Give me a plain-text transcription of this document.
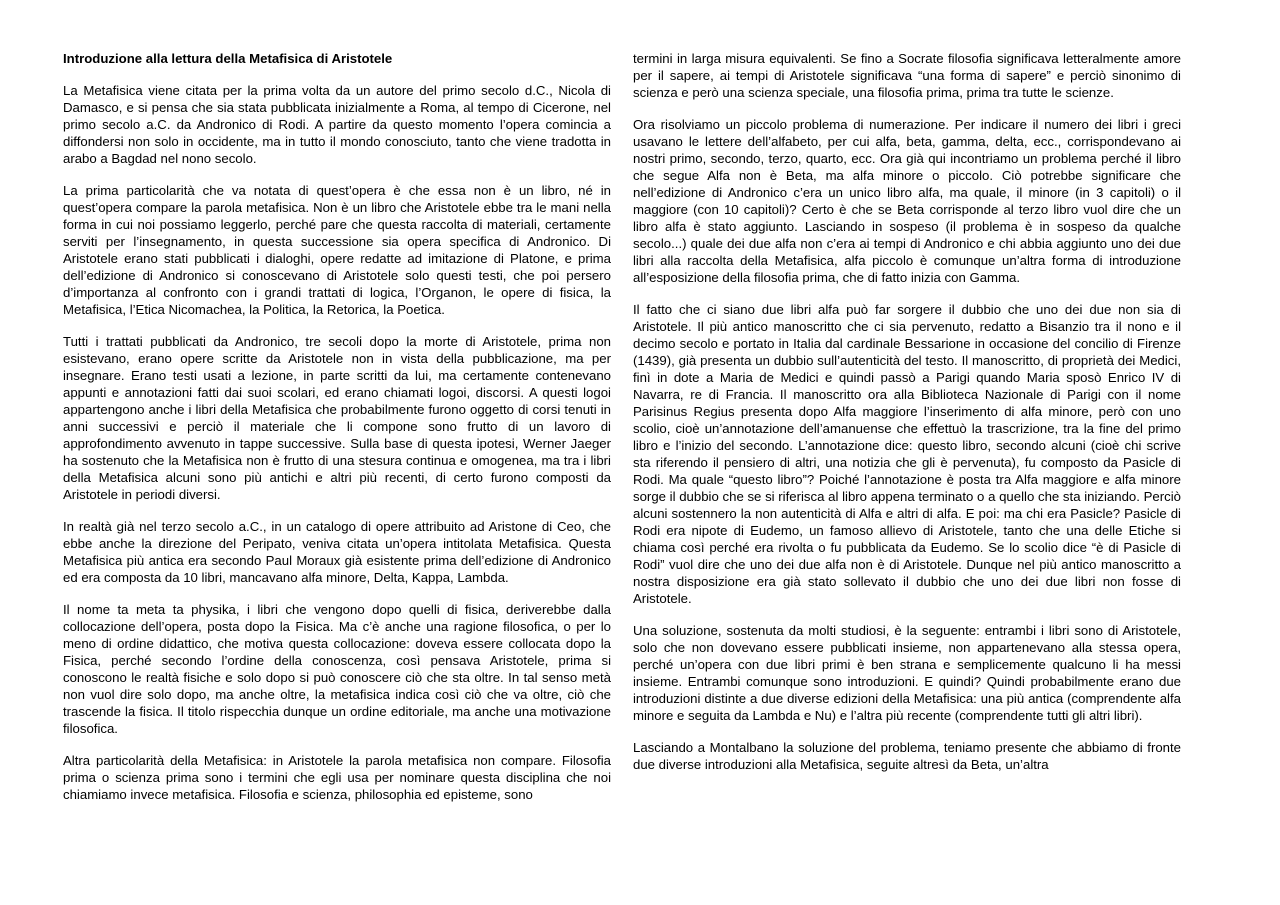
Introduzione alla lettura della Metafisica di Aristotele

La Metafisica viene citata per la prima volta da un autore del primo secolo d.C., Nicola di Damasco, e si pensa che sia stata pubblicata inizialmente a Roma, al tempo di Cicerone, nel primo secolo a.C. da Andronico di Rodi. A partire da questo momento l’opera comincia a diffondersi non solo in occidente, ma in tutto il mondo conosciuto, tanto che viene tradotta in arabo a Bagdad nel nono secolo.

La prima particolarità che va notata di quest’opera è che essa non è un libro, né in quest’opera compare la parola metafisica. Non è un libro che Aristotele ebbe tra le mani nella forma in cui noi possiamo leggerlo, perché pare che questa raccolta di materiali, certamente serviti per l’insegnamento, in questa successione sia opera specifica di Andronico. Di Aristotele erano stati pubblicati i dialoghi, opere redatte ad imitazione di Platone, e prima dell’edizione di Andronico si conoscevano di Aristotele solo questi testi, che poi persero d’importanza al confronto con i grandi trattati di logica, l’Organon, le opere di fisica, la Metafisica, l’Etica Nicomachea, la Politica, la Retorica, la Poetica.

Tutti i trattati pubblicati da Andronico, tre secoli dopo la morte di Aristotele, prima non esistevano, erano opere scritte da Aristotele non in vista della pubblicazione, ma per insegnare. Erano testi usati a lezione, in parte scritti da lui, ma certamente contenevano appunti e annotazioni fatti dai suoi scolari, ed erano chiamati logoi, discorsi. A questi logoi appartengono anche i libri della Metafisica che probabilmente furono oggetto di corsi tenuti in anni successivi e perciò il materiale che li compone sono frutto di un lavoro di approfondimento avvenuto in tappe successive. Sulla base di questa ipotesi, Werner Jaeger ha sostenuto che la Metafisica non è frutto di una stesura continua e omogenea, ma tra i libri della Metafisica alcuni sono più antichi e altri più recenti, di certo furono composti da Aristotele in periodi diversi.

In realtà già nel terzo secolo a.C., in un catalogo di opere attribuito ad Aristone di Ceo, che ebbe anche la direzione del Peripato, veniva citata un’opera intitolata Metafisica. Questa Metafisica più antica era secondo Paul Moraux già esistente prima dell’edizione di Andronico ed era composta da 10 libri, mancavano alfa minore, Delta, Kappa, Lambda.

Il nome ta meta ta physika, i libri che vengono dopo quelli di fisica, deriverebbe dalla collocazione dell’opera, posta dopo la Fisica. Ma c’è anche una ragione filosofica, o per lo meno di ordine didattico, che motiva questa collocazione: doveva essere collocata dopo la Fisica, perché secondo l’ordine della conoscenza, così pensava Aristotele, prima si conoscono le realtà fisiche e solo dopo si può conoscere ciò che sta oltre. In tal senso metà non vuol dire solo dopo, ma anche oltre, la metafisica indica così ciò che va oltre, ciò che trascende la fisica. Il titolo rispecchia dunque un ordine editoriale, ma anche una motivazione filosofica.

Altra particolarità della Metafisica: in Aristotele la parola metafisica non compare. Filosofia prima o scienza prima sono i termini che egli usa per nominare questa disciplina che noi chiamiamo invece metafisica. Filosofia e scienza, philosophia ed episteme, sono

termini in larga misura equivalenti. Se fino a Socrate filosofia significava letteralmente amore per il sapere, ai tempi di Aristotele significava “una forma di sapere” e perciò sinonimo di scienza e però una scienza speciale, una filosofia prima, prima tra tutte le scienze.

Ora risolviamo un piccolo problema di numerazione. Per indicare il numero dei libri i greci usavano le lettere dell’alfabeto, per cui alfa, beta, gamma, delta, ecc., corrispondevano ai nostri primo, secondo, terzo, quarto, ecc. Ora già qui incontriamo un problema perché il libro che segue Alfa non è Beta, ma alfa minore o piccolo. Ciò potrebbe significare che nell’edizione di Andronico c’era un unico libro alfa, ma quale, il minore (in 3 capitoli) o il maggiore (con 10 capitoli)? Certo è che se Beta corrisponde al terzo libro vuol dire che un libro alfa è stato aggiunto. Lasciando in sospeso (il problema è in sospeso da qualche secolo...) quale dei due alfa non c’era ai tempi di Andronico e chi abbia aggiunto uno dei due libri alla raccolta della Metafisica, alfa piccolo è comunque un’altra forma di introduzione all’esposizione della filosofia prima, che di fatto inizia con Gamma.

Il fatto che ci siano due libri alfa può far sorgere il dubbio che uno dei due non sia di Aristotele. Il più antico manoscritto che ci sia pervenuto, redatto a Bisanzio tra il nono e il decimo secolo e portato in Italia dal cardinale Bessarione in occasione del concilio di Firenze (1439), già presenta un dubbio sull’autenticità del testo. Il manoscritto, di proprietà dei Medici, finì in dote a Maria de Medici e quindi passò a Parigi quando Maria sposò Enrico IV di Navarra, re di Francia. Il manoscritto ora alla Biblioteca Nazionale di Parigi con il nome Parisinus Regius presenta dopo Alfa maggiore l’inserimento di alfa minore, però con uno scolio, cioè un’annotazione dell’amanuense che effettuò la trascrizione, tra la fine del primo libro e l’inizio del secondo. L’annotazione dice: questo libro, secondo alcuni (cioè chi scrive sta riferendo il pensiero di altri, una notizia che gli è pervenuta), fu composto da Pasicle di Rodi. Ma quale “questo libro”? Poiché l’annotazione è posta tra Alfa maggiore e alfa minore sorge il dubbio che se si riferisca al libro appena terminato o a quello che sta iniziando. Perciò alcuni sostennero la non autenticità di Alfa e altri di alfa. E poi: ma chi era Pasicle? Pasicle di Rodi era nipote di Eudemo, un famoso allievo di Aristotele, tanto che una delle Etiche si chiama così perché era rivolta o fu pubblicata da Eudemo. Se lo scolio dice “è di Pasicle di Rodi” vuol dire che uno dei due alfa non è di Aristotele. Dunque nel più antico manoscritto a nostra disposizione era già stato sollevato il dubbio che uno dei due libri non fosse di Aristotele.

Una soluzione, sostenuta da molti studiosi, è la seguente: entrambi i libri sono di Aristotele, solo che non dovevano essere pubblicati insieme, non appartenevano alla stessa opera, perché un’opera con due libri primi è ben strana e semplicemente qualcuno li ha messi insieme. Entrambi comunque sono introduzioni. E quindi? Quindi probabilmente erano due introduzioni distinte a due diverse edizioni della Metafisica: una più antica (comprendente alfa minore e seguita da Lambda e Nu) e l’altra più recente (comprendente tutti gli altri libri).

Lasciando a Montalbano la soluzione del problema, teniamo presente che abbiamo di fronte due diverse introduzioni alla Metafisica, seguite altresì da Beta, un’altra
